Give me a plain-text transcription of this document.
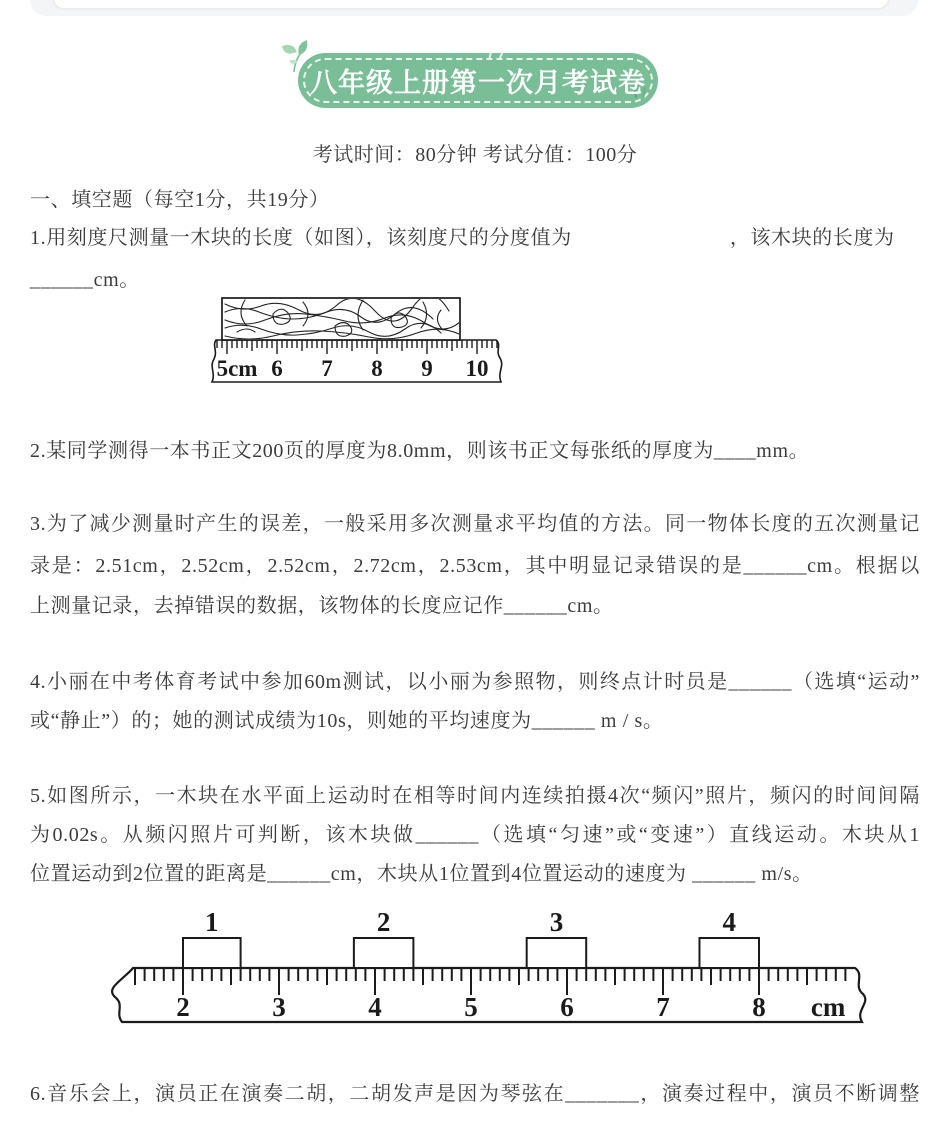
八年级上册第一次月考试卷
考试时间：80分钟 考试分值：100分
一、填空题（每空1分，共19分）
1.用刻度尺测量一木块的长度（如图），该刻度尺的分度值为	，该木块的长度为
______cm。
5cm 6 7 8 9 10
2.某同学测得一本书正文200页的厚度为8.0mm，则该书正文每张纸的厚度为____mm。
3.为了减少测量时产生的误差，一般采用多次测量求平均值的方法。同一物体长度的五次测量记
录是：2.51cm，2.52cm，2.52cm，2.72cm，2.53cm，其中明显记录错误的是______cm。根据以
上测量记录，去掉错误的数据，该物体的长度应记作______cm。
4.小丽在中考体育考试中参加60m测试，以小丽为参照物，则终点计时员是______（选填“运动”
或“静止”）的；她的测试成绩为10s，则她的平均速度为______ m / s。
5.如图所示，一木块在水平面上运动时在相等时间内连续拍摄4次“频闪”照片，频闪的时间间隔
为0.02s。从频闪照片可判断，该木块做______（选填“匀速”或“变速”）直线运动。木块从1
位置运动到2位置的距离是______cm，木块从1位置到4位置运动的速度为 ______ m/s。
2	3	4	5	6	7	8 cm
1	2	3	4
6.音乐会上，演员正在演奏二胡，二胡发声是因为琴弦在_______，演奏过程中，演员不断调整
